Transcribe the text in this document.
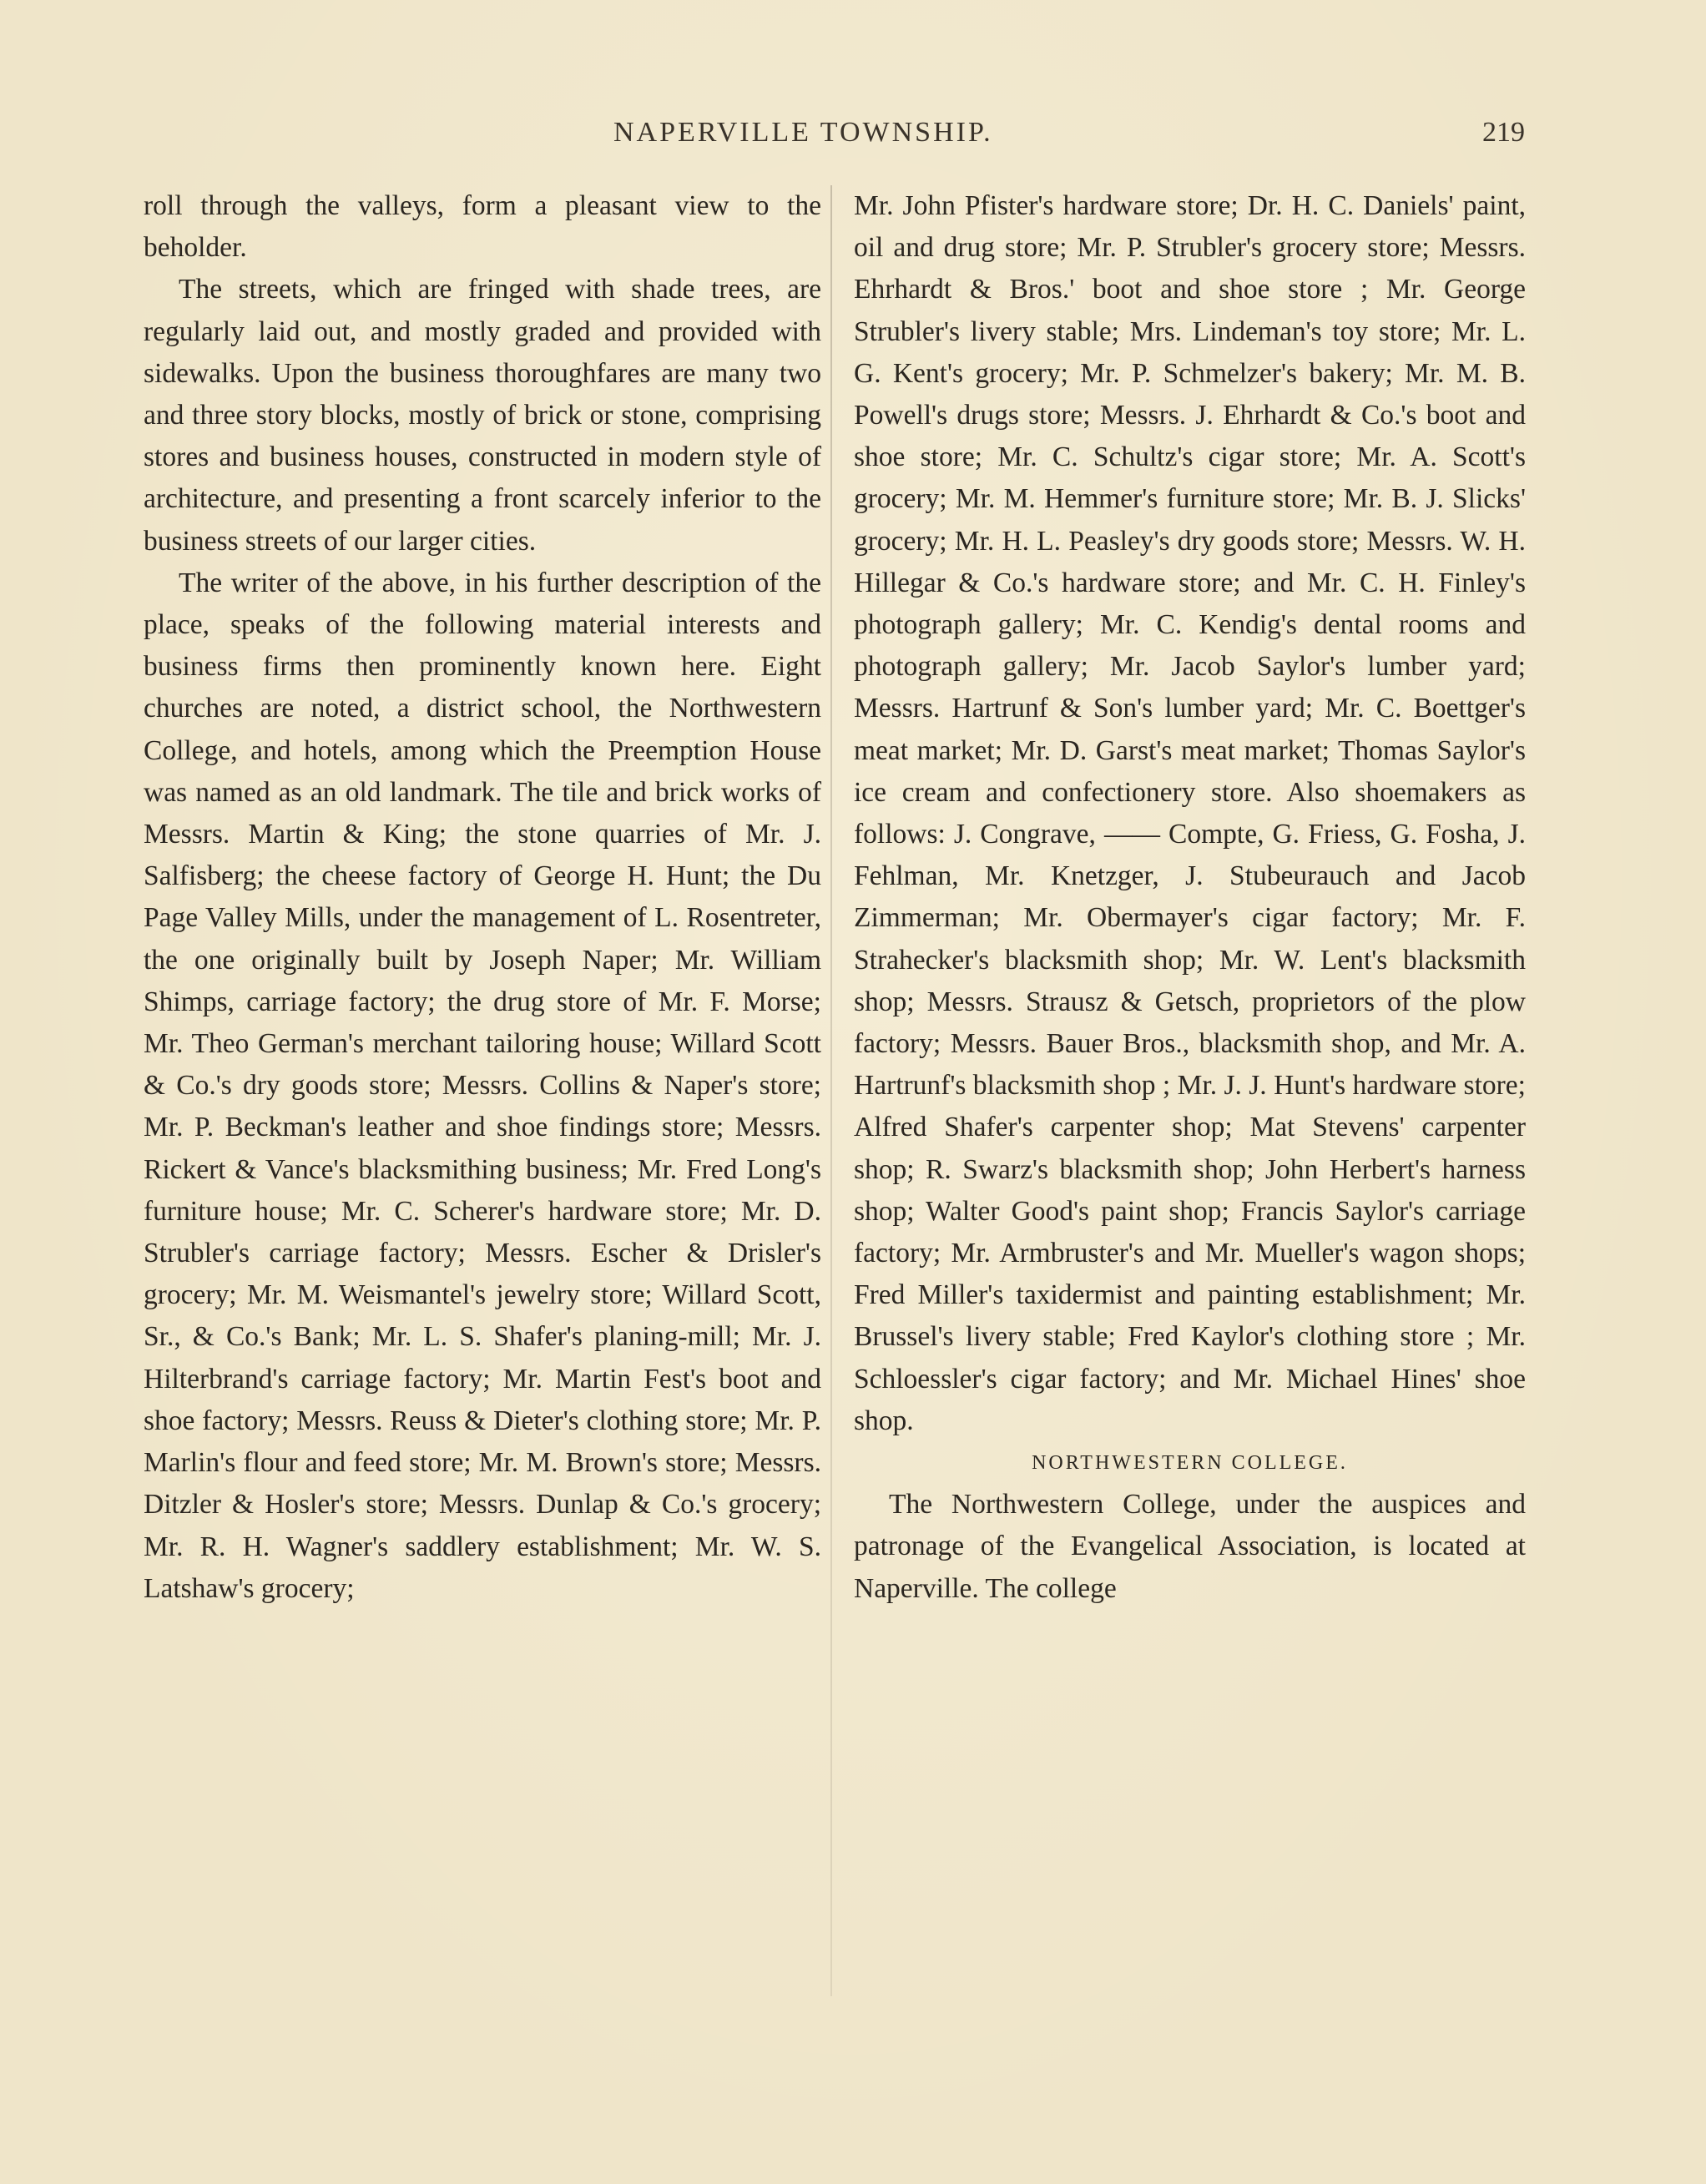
NAPERVILLE TOWNSHIP.	219

roll through the valleys, form a pleasant view to the beholder.

The streets, which are fringed with shade trees, are regularly laid out, and mostly graded and provided with sidewalks. Upon the business thoroughfares are many two and three story blocks, mostly of brick or stone, comprising stores and business houses, constructed in modern style of architecture, and presenting a front scarcely inferior to the business streets of our larger cities.

The writer of the above, in his further description of the place, speaks of the following material interests and business firms then prominently known here. Eight churches are noted, a district school, the Northwestern College, and hotels, among which the Preemption House was named as an old landmark. The tile and brick works of Messrs. Martin & King; the stone quarries of Mr. J. Salfisberg; the cheese factory of George H. Hunt; the Du Page Valley Mills, under the management of L. Rosentreter, the one originally built by Joseph Naper; Mr. William Shimps, carriage factory; the drug store of Mr. F. Morse; Mr. Theo German's merchant tailoring house; Willard Scott & Co.'s dry goods store; Messrs. Collins & Naper's store; Mr. P. Beckman's leather and shoe findings store; Messrs. Rickert & Vance's blacksmithing business; Mr. Fred Long's furniture house; Mr. C. Scherer's hardware store; Mr. D. Strubler's carriage factory; Messrs. Escher & Drisler's grocery; Mr. M. Weismantel's jewelry store; Willard Scott, Sr., & Co.'s Bank; Mr. L. S. Shafer's planing-mill; Mr. J. Hilterbrand's carriage factory; Mr. Martin Fest's boot and shoe factory; Messrs. Reuss & Dieter's clothing store; Mr. P. Marlin's flour and feed store; Mr. M. Brown's store; Messrs. Ditzler & Hosler's store; Messrs. Dunlap & Co.'s grocery; Mr. R. H. Wagner's saddlery establishment; Mr. W. S. Latshaw's grocery;

Mr. John Pfister's hardware store; Dr. H. C. Daniels' paint, oil and drug store; Mr. P. Strubler's grocery store; Messrs. Ehrhardt & Bros.' boot and shoe store ; Mr. George Strubler's livery stable; Mrs. Lindeman's toy store; Mr. L. G. Kent's grocery; Mr. P. Schmelzer's bakery; Mr. M. B. Powell's drugs store; Messrs. J. Ehrhardt & Co.'s boot and shoe store; Mr. C. Schultz's cigar store; Mr. A. Scott's grocery; Mr. M. Hemmer's furniture store; Mr. B. J. Slicks' grocery; Mr. H. L. Peasley's dry goods store; Messrs. W. H. Hillegar & Co.'s hardware store; and Mr. C. H. Finley's photograph gallery; Mr. C. Kendig's dental rooms and photograph gallery; Mr. Jacob Saylor's lumber yard; Messrs. Hartrunf & Son's lumber yard; Mr. C. Boettger's meat market; Mr. D. Garst's meat market; Thomas Saylor's ice cream and confectionery store. Also shoemakers as follows: J. Congrave, —— Compte, G. Friess, G. Fosha, J. Fehlman, Mr. Knetzger, J. Stubeurauch and Jacob Zimmerman; Mr. Obermayer's cigar factory; Mr. F. Strahecker's blacksmith shop; Mr. W. Lent's blacksmith shop; Messrs. Strausz & Getsch, proprietors of the plow factory; Messrs. Bauer Bros., blacksmith shop, and Mr. A. Hartrunf's blacksmith shop ; Mr. J. J. Hunt's hardware store; Alfred Shafer's carpenter shop; Mat Stevens' carpenter shop; R. Swarz's blacksmith shop; John Herbert's harness shop; Walter Good's paint shop; Francis Saylor's carriage factory; Mr. Armbruster's and Mr. Mueller's wagon shops; Fred Miller's taxidermist and painting establishment; Mr. Brussel's livery stable; Fred Kaylor's clothing store ; Mr. Schloessler's cigar factory; and Mr. Michael Hines' shoe shop.

NORTHWESTERN COLLEGE.

The Northwestern College, under the auspices and patronage of the Evangelical Association, is located at Naperville. The college
